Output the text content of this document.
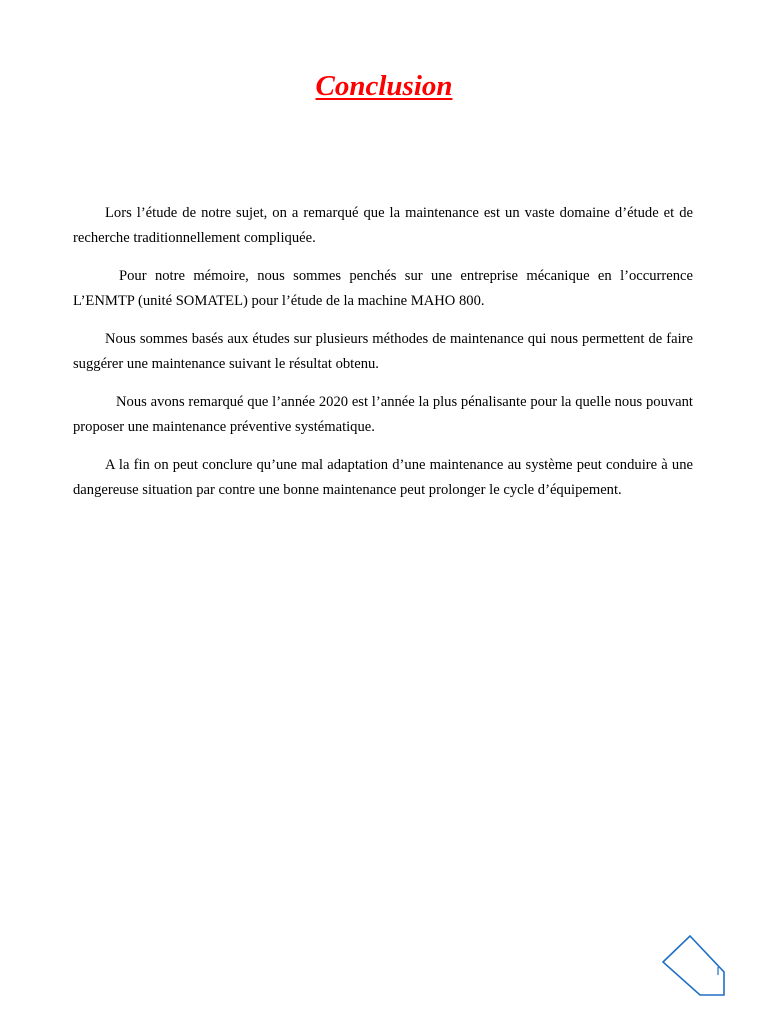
Conclusion

Lors l’étude de notre sujet, on a remarqué que la maintenance est un vaste domaine d’étude et de recherche traditionnellement compliquée.

Pour notre mémoire, nous sommes penchés sur une entreprise mécanique en l’occurrence L’ENMTP (unité SOMATEL) pour l’étude de la machine MAHO 800.

Nous sommes basés aux études sur plusieurs méthodes de maintenance qui nous permettent de faire suggérer une maintenance suivant le résultat obtenu.

Nous avons remarqué que l’année 2020 est l’année la plus pénalisante pour la quelle nous pouvant proposer une maintenance préventive systématique.

A la fin on peut conclure qu’une mal adaptation d’une maintenance au système peut conduire à une dangereuse situation par contre une bonne maintenance peut prolonger le cycle d’équipement.
